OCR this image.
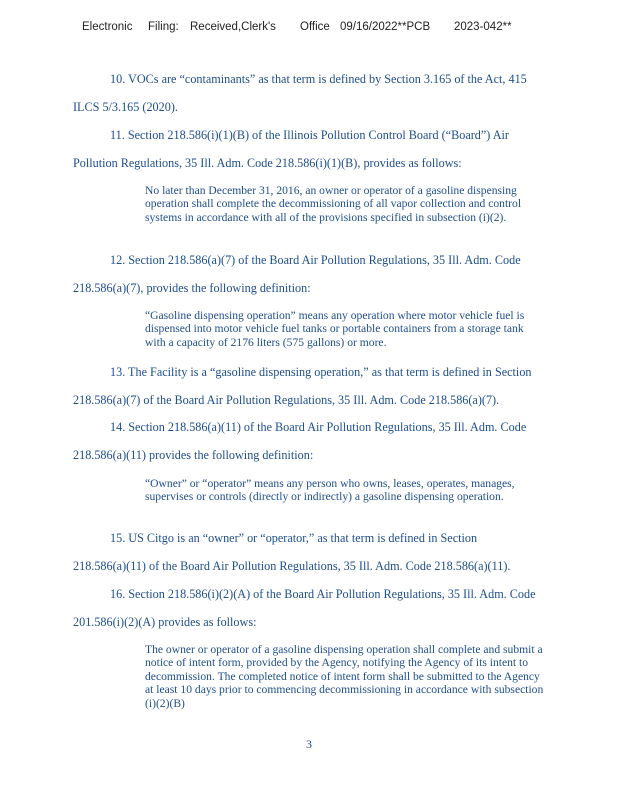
Electronic Filing: Received,Clerk's Office 09/16/2022**PCB 2023-042**
10. VOCs are “contaminants” as that term is defined by Section 3.165 of the Act, 415
ILCS 5/3.165 (2020).
11. Section 218.586(i)(1)(B) of the Illinois Pollution Control Board (“Board”) Air
Pollution Regulations, 35 Ill. Adm. Code 218.586(i)(1)(B), provides as follows:
No later than December 31, 2016, an owner or operator of a gasoline dispensing operation shall complete the decommissioning of all vapor collection and control systems in accordance with all of the provisions specified in subsection (i)(2).
12. Section 218.586(a)(7) of the Board Air Pollution Regulations, 35 Ill. Adm. Code
218.586(a)(7), provides the following definition:
“Gasoline dispensing operation” means any operation where motor vehicle fuel is dispensed into motor vehicle fuel tanks or portable containers from a storage tank with a capacity of 2176 liters (575 gallons) or more.
13. The Facility is a “gasoline dispensing operation,” as that term is defined in Section
218.586(a)(7) of the Board Air Pollution Regulations, 35 Ill. Adm. Code 218.586(a)(7).
14. Section 218.586(a)(11) of the Board Air Pollution Regulations, 35 Ill. Adm. Code
218.586(a)(11) provides the following definition:
“Owner” or “operator” means any person who owns, leases, operates, manages, supervises or controls (directly or indirectly) a gasoline dispensing operation.
15. US Citgo is an “owner” or “operator,” as that term is defined in Section
218.586(a)(11) of the Board Air Pollution Regulations, 35 Ill. Adm. Code 218.586(a)(11).
16. Section 218.586(i)(2)(A) of the Board Air Pollution Regulations, 35 Ill. Adm. Code
201.586(i)(2)(A) provides as follows:
The owner or operator of a gasoline dispensing operation shall complete and submit a notice of intent form, provided by the Agency, notifying the Agency of its intent to decommission. The completed notice of intent form shall be submitted to the Agency at least 10 days prior to commencing decommissioning in accordance with subsection (i)(2)(B)
3
